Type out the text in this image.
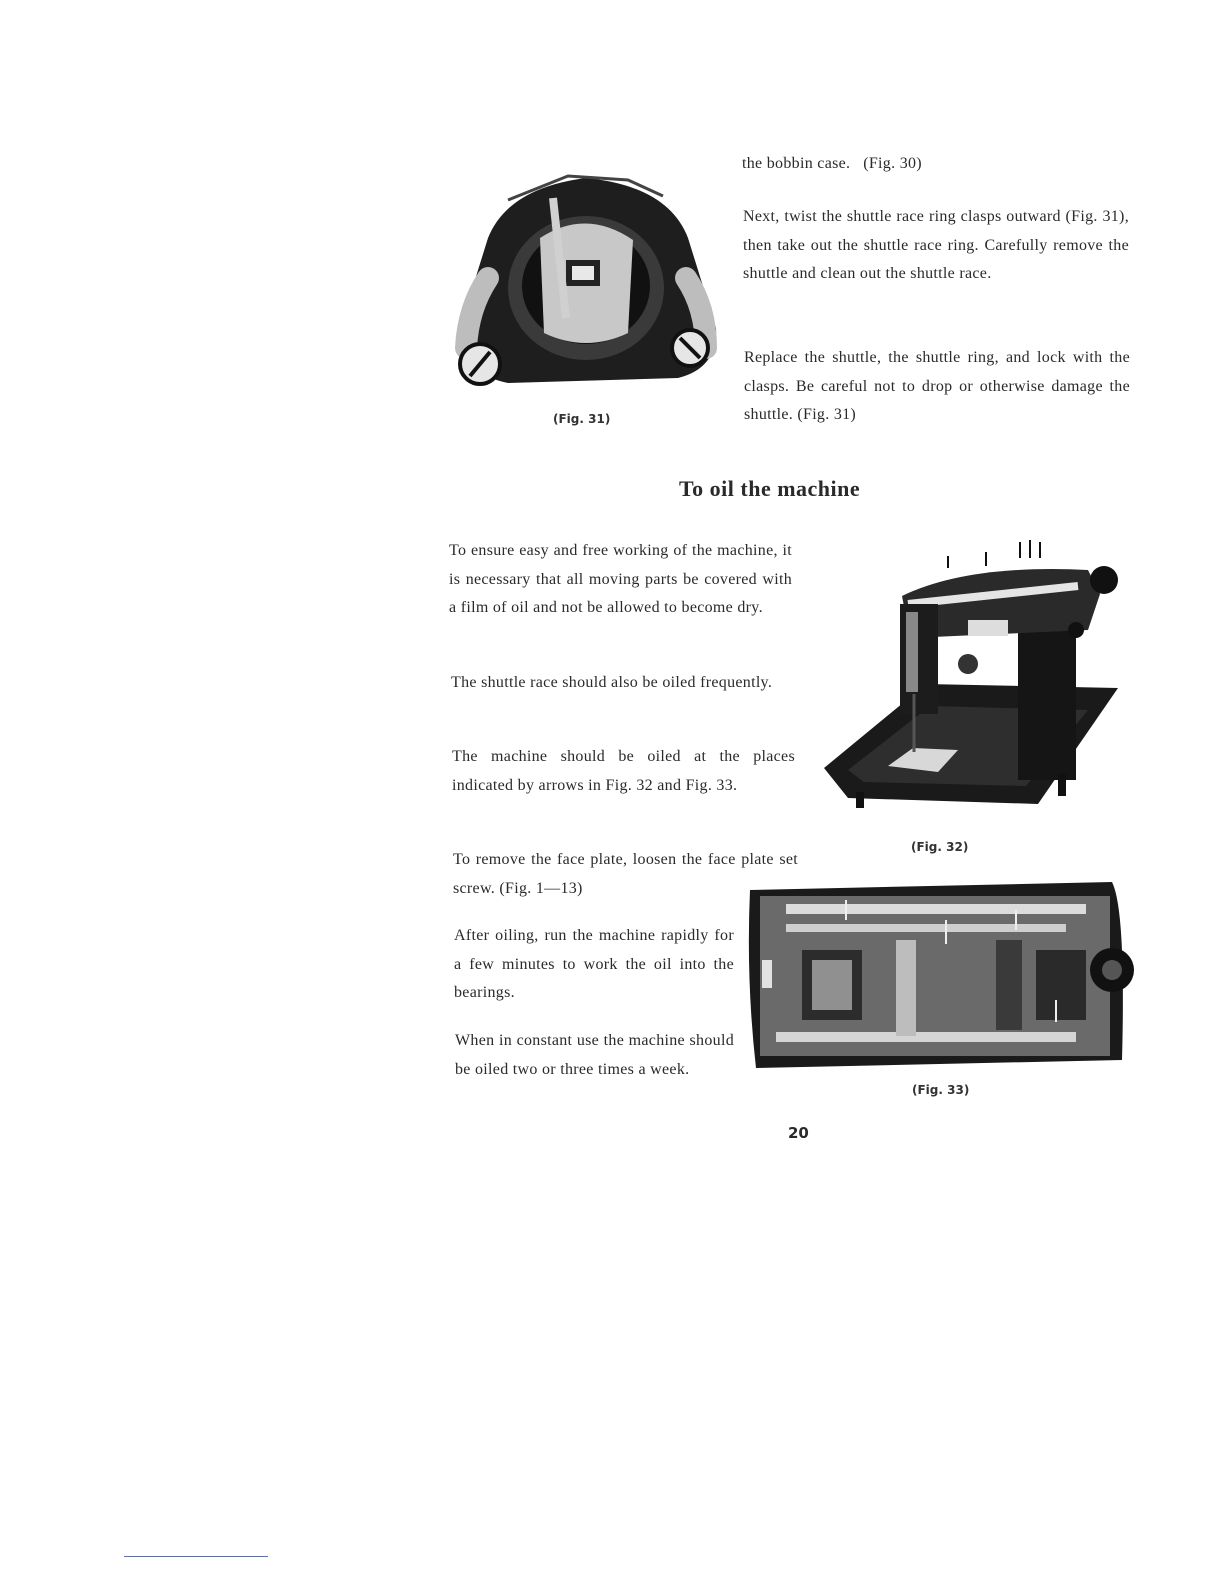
(Fig. 31)

the bobbin case.   (Fig. 30)

Next, twist the shuttle race ring clasps outward (Fig. 31), then take out the shuttle race ring. Carefully remove the shuttle and clean out the shuttle race.

Replace the shuttle, the shuttle ring, and lock with the clasps. Be careful not to drop or otherwise damage the shuttle. (Fig. 31)

To oil the machine

To ensure easy and free working of the machine, it is necessary that all moving parts be covered with a film of oil and not be allowed to become dry.

The shuttle race should also be oiled frequently.

The machine should be oiled at the places indicated by arrows in Fig. 32 and Fig. 33.

(Fig. 32)

To remove the face plate, loosen the face plate set screw. (Fig. 1—13)

(Fig. 33)

After oiling, run the machine rapidly for a few minutes to work the oil into the bearings.

When in constant use the machine should be oiled two or three times a week.

20
